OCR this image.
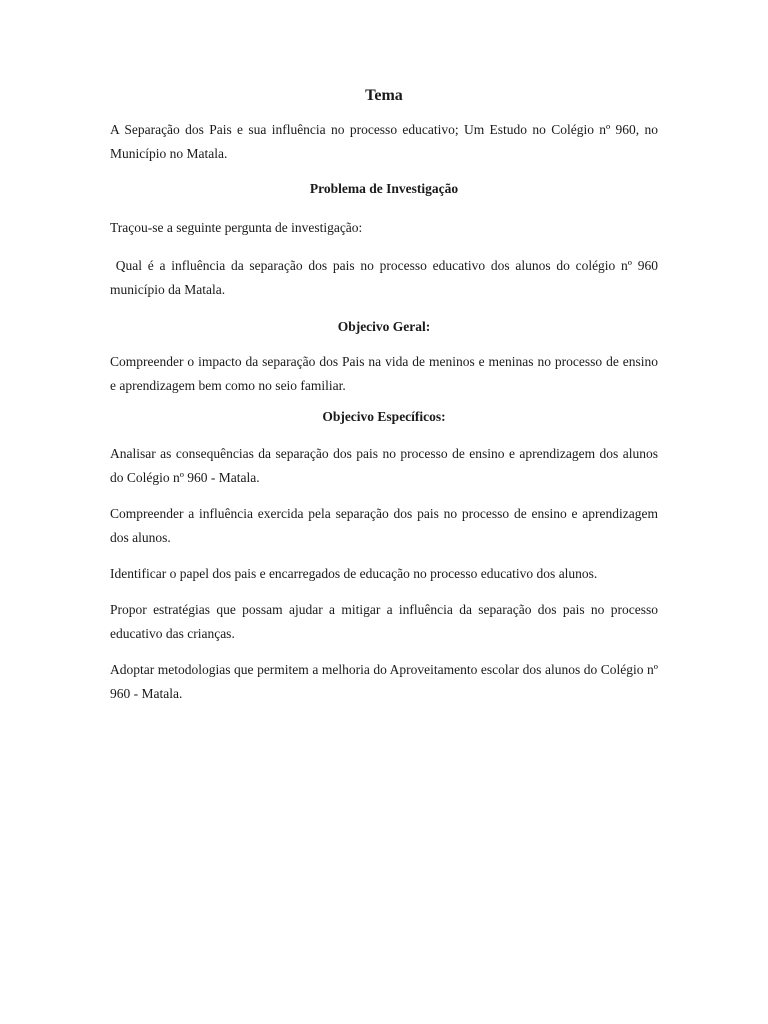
Tema

A Separação dos Pais e sua influência no processo educativo; Um Estudo no Colégio nº 960, no Município no Matala.

Problema de Investigação

Traçou-se a seguinte pergunta de investigação:

Qual é a influência da separação dos pais no processo educativo dos alunos do colégio nº 960 município da Matala.

Objecivo Geral:

Compreender o impacto da separação dos Pais na vida de meninos e meninas no processo de ensino e aprendizagem bem como no seio familiar.

Objecivo Específicos:

Analisar as consequências da separação dos pais no processo de ensino e aprendizagem dos alunos do Colégio nº 960 - Matala.

Compreender a influência exercida pela separação dos pais no processo de ensino e aprendizagem dos alunos.

Identificar o papel dos pais e encarregados de educação no processo educativo dos alunos.

Propor estratégias que possam ajudar a mitigar a influência da separação dos pais no processo educativo das crianças.

Adoptar metodologias que permitem a melhoria do Aproveitamento escolar dos alunos do Colégio nº 960 - Matala.
